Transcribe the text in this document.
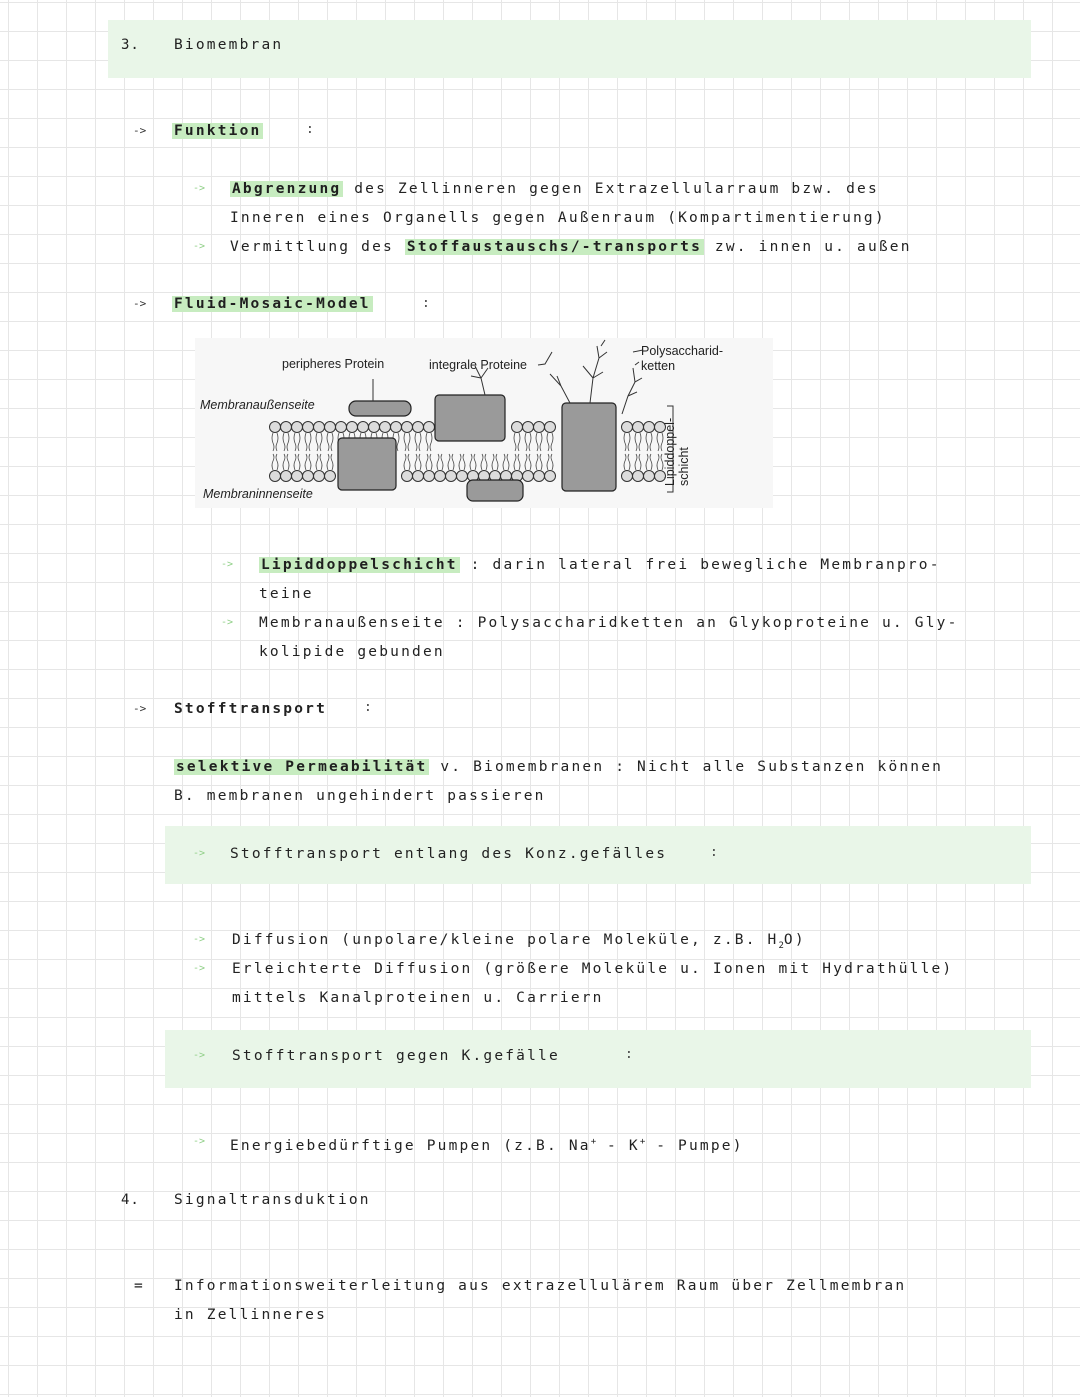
3. Biomembran
-> Funktion	:
-> Abgrenzung des Zellinneren gegen Extrazellularraum bzw. des
Inneren eines Organells gegen Außenraum (Kompartimentierung)
-> Vermittlung des Stoffaustauschs/-transports zw. innen u. außen
-> Fluid-Mosaic-Model	:
peripheres Protein	integrale Proteine
Polysaccharid-
ketten
Membranaußenseite
Membraninnenseite
Lipiddoppel- schicht
-> Lipiddoppelschicht : darin lateral frei bewegliche Membranpro-
teine
-> Membranaußenseite : Polysaccharidketten an Glykoproteine u. Gly-
kolipide gebunden
-> Stofftransport	:
selektive Permeabilität v. Biomembranen : Nicht alle Substanzen können
B. membranen ungehindert passieren
-> Stofftransport entlang des Konz.gefälles	:
-> Diffusion (unpolare/kleine polare Moleküle, z.B. $H_2O$)
-> Erleichterte Diffusion (größere Moleküle u. Ionen mit Hydrathülle)
mittels Kanalproteinen u. Carriern
-> Stofftransport gegen K.gefälle	:
-> Energiebedürftige Pumpen (z.B. Na+ - K+ - Pumpe)
4. Signaltransduktion
= Informationsweiterleitung aus extrazellulärem Raum über Zellmembran
in Zellinneres
